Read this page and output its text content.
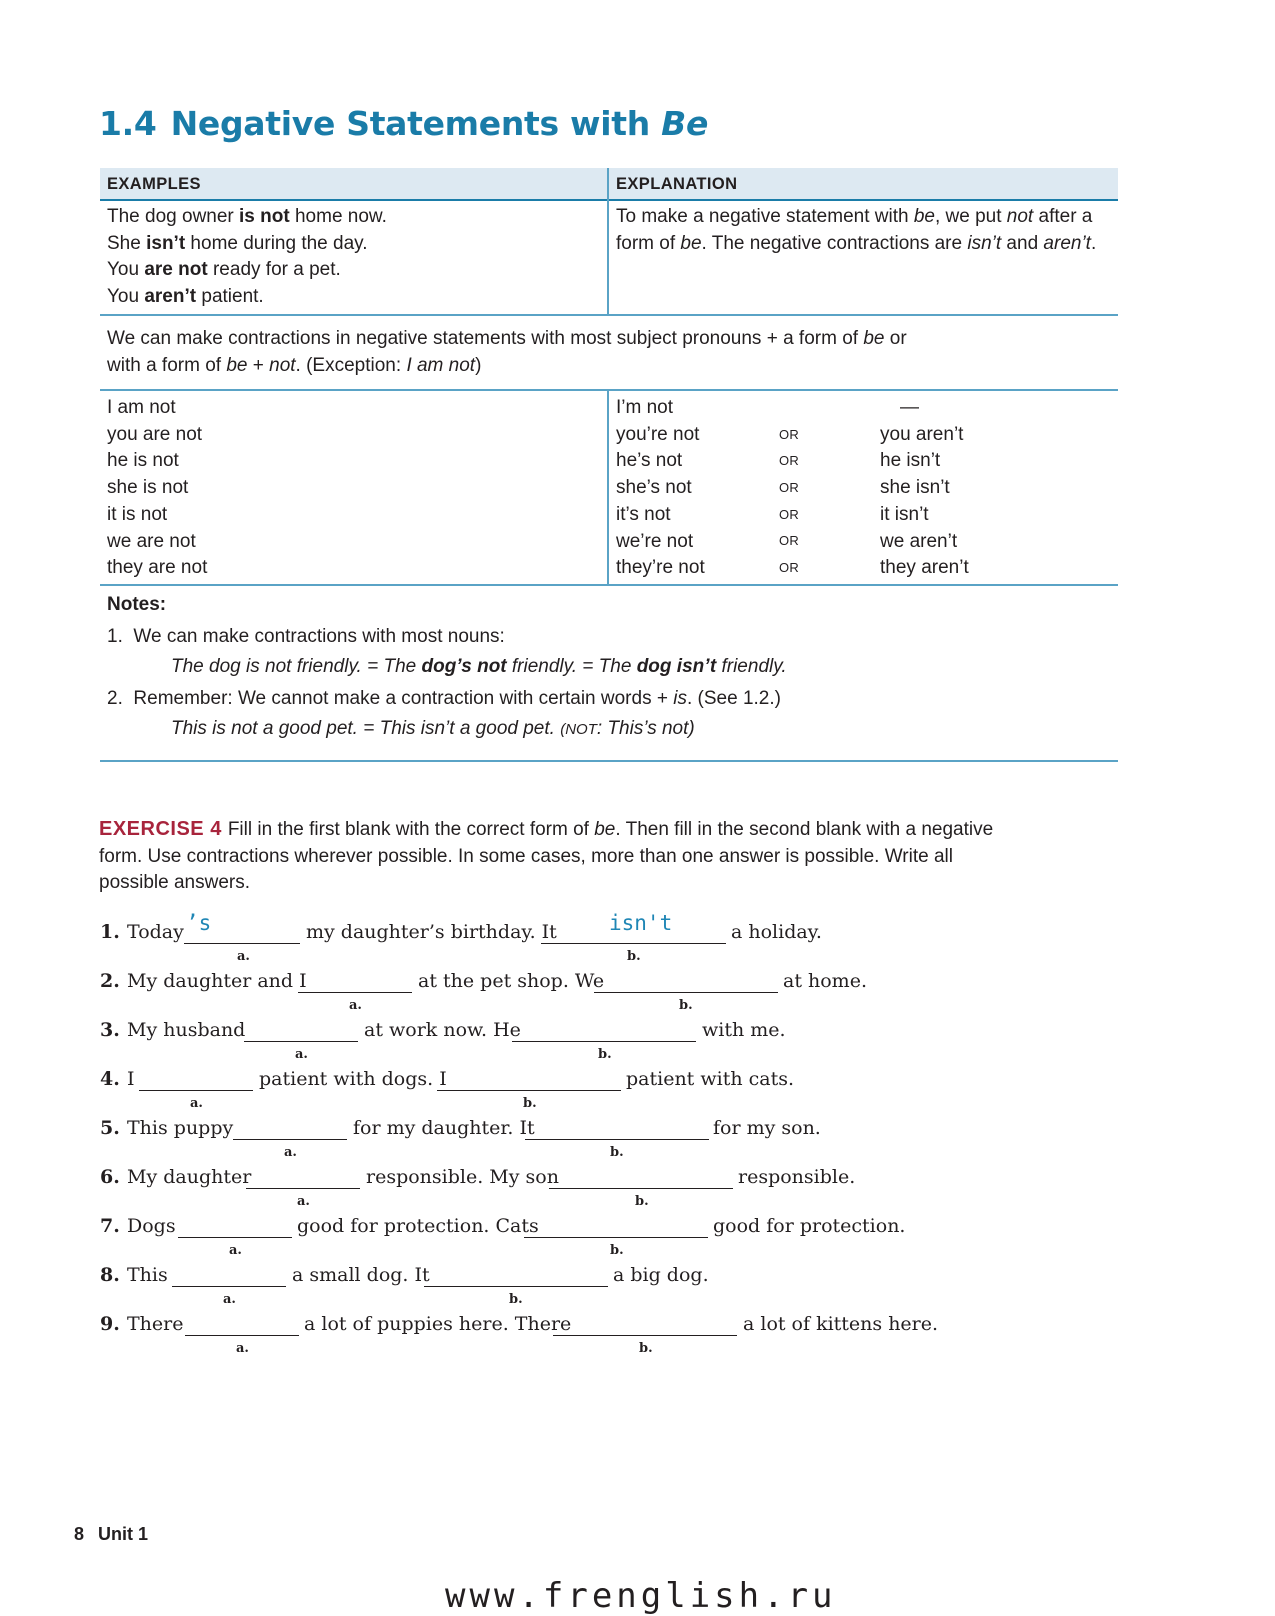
1.4 Negative Statements with Be
EXAMPLES	EXPLANATION
The dog owner is not home now.
She isn’t home during the day.
You are not ready for a pet.
You aren’t patient.
To make a negative statement with be, we put not after a
form of be. The negative contractions are isn’t and aren’t.
We can make contractions in negative statements with most subject pronouns + a form of be or
with a form of be + not. (Exception: I am not)
I am not
you are not
he is not
she is not
it is not
we are not
they are not
I’m not
you’re not
he’s not
she’s not
it’s not
we’re not
they’re not
OR
OR
OR
OR
OR
OR
—
you aren’t
he isn’t
she isn’t
it isn’t
we aren’t
they aren’t
Notes:
1. We can make contractions with most nouns:
The dog is not friendly. = The dog’s not friendly. = The dog isn’t friendly.
2. Remember: We cannot make a contraction with certain words + is. (See 1.2.)
This is not a good pet. = This isn’t a good pet. (NOT: This’s not)
EXERCISE 4 Fill in the first blank with the correct form of be. Then fill in the second blank with a negative form. Use contractions wherever possible. In some cases, more than one answer is possible. Write all possible answers.
1. Today ’s
a.
my daughter’s birthday. It isn't
b.
a holiday.
2. My daughter and I
a.
at the pet shop. We
b.
at home.
3. My husband
a.
at work now. He
b.
with me.
4. I
a.
patient with dogs. I
b.
patient with cats.
5. This puppy
a.
for my daughter. It
b.
for my son.
6. My daughter
a.
responsible. My son
b.
responsible.
7. Dogs
a.
good for protection. Cats
b.
good for protection.
8. This
a.
a small dog. It
b.
a big dog.
9. There
a.
a lot of puppies here. There
b.
a lot of kittens here.
8 Unit 1
www.frenglish.ru
